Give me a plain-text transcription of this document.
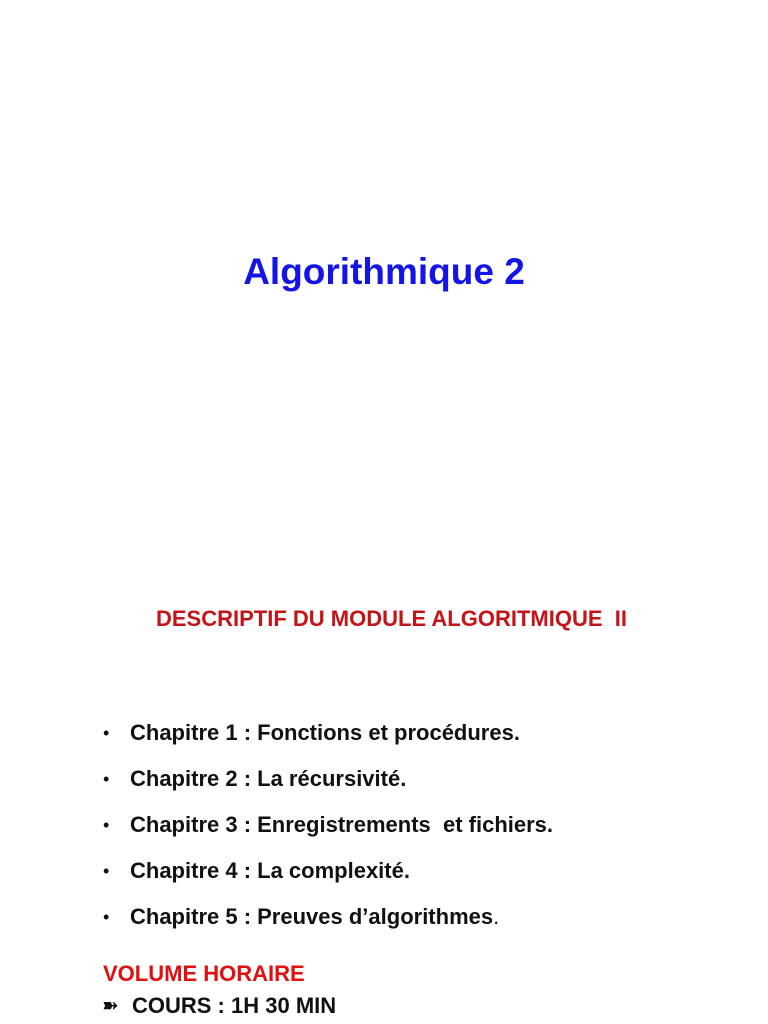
Algorithmique 2
DESCRIPTIF DU MODULE ALGORITMIQUE  II
• Chapitre 1 : Fonctions et procédures.
• Chapitre 2 : La récursivité.
• Chapitre 3 : Enregistrements  et fichiers.
• Chapitre 4 : La complexité.
• Chapitre 5 : Preuves d’algorithmes .
VOLUME HORAIRE
➽ COURS : 1H 30 MIN
